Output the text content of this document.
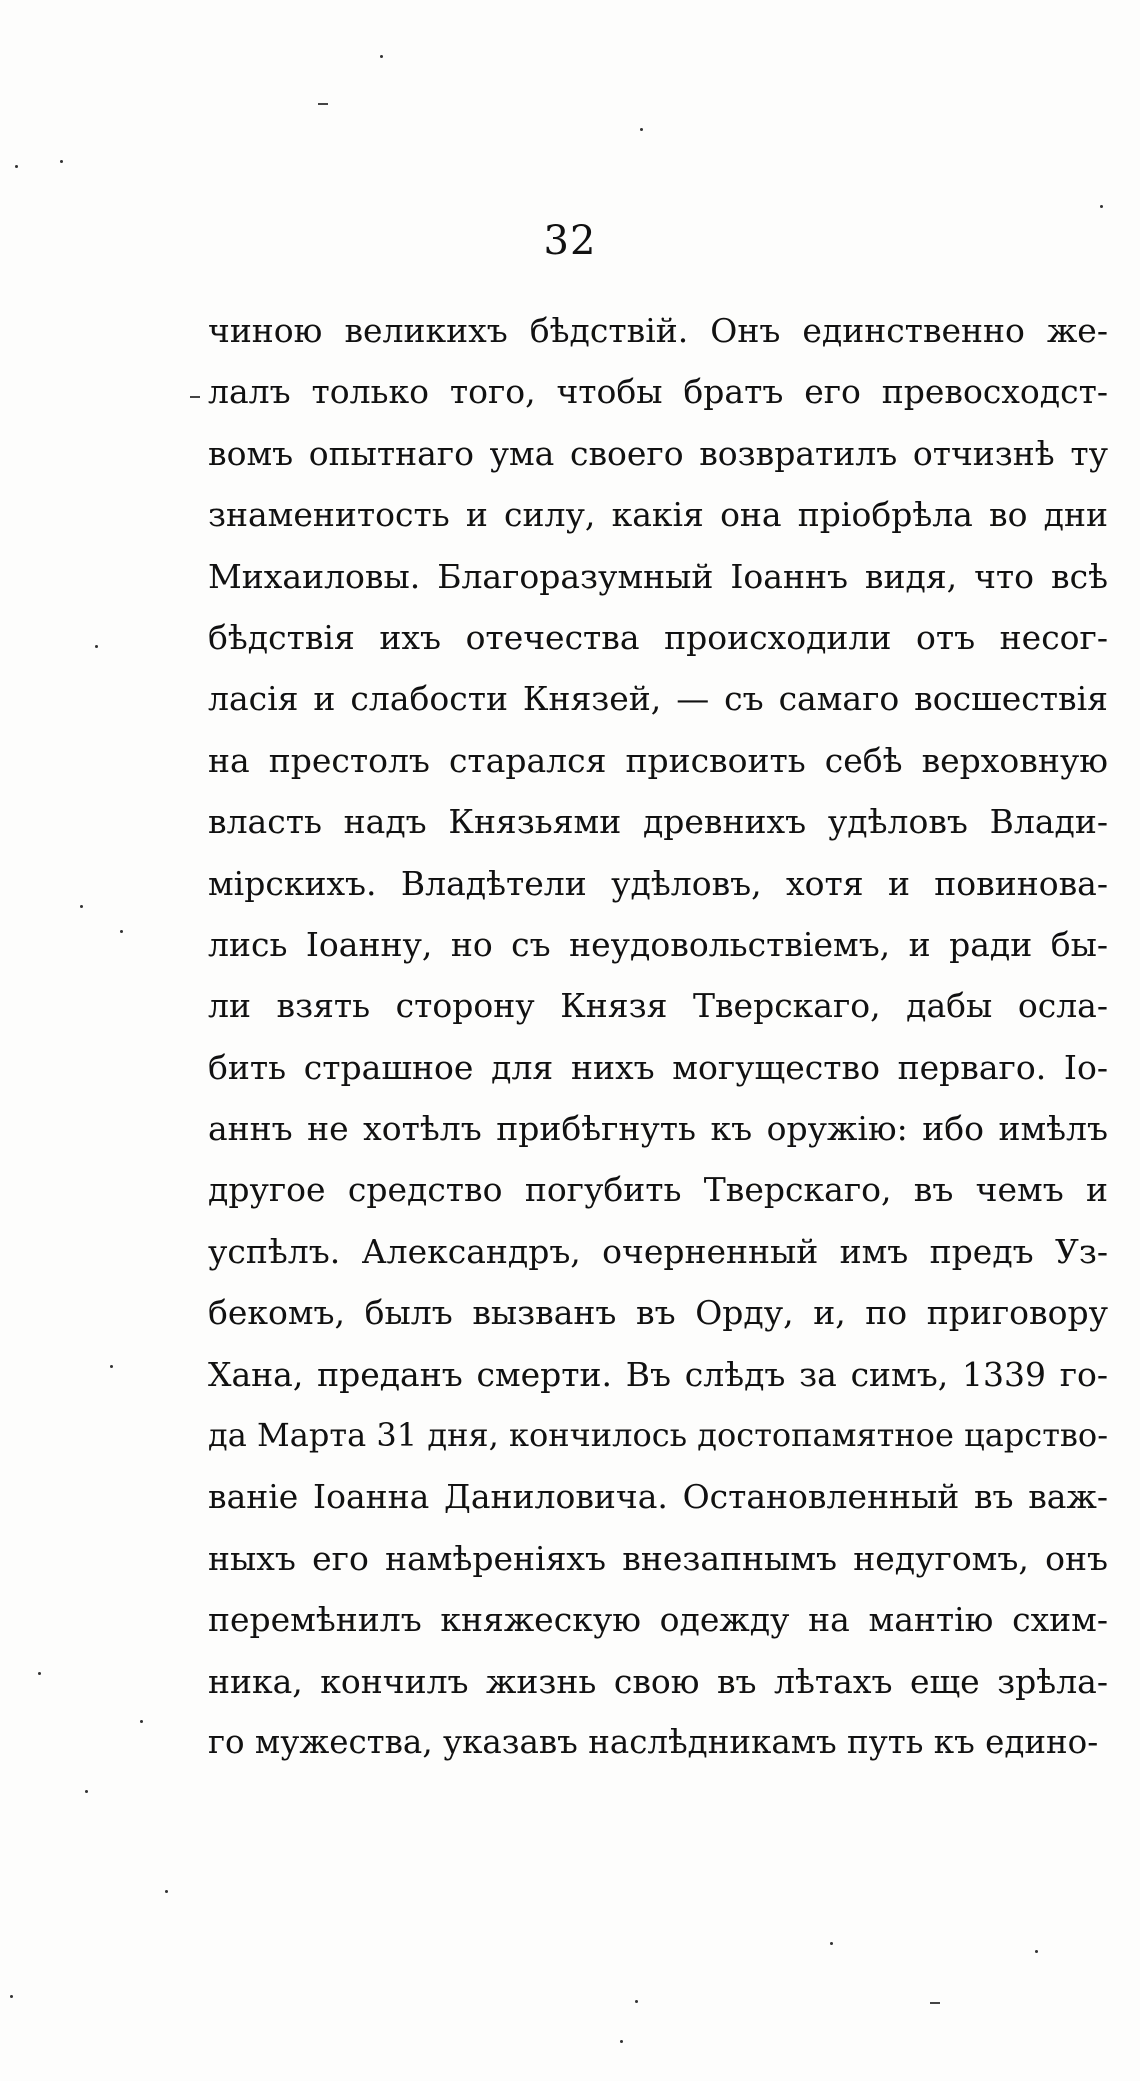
32
чиною великихъ бѣдствій. Онъ единственно же-
лалъ только того, чтобы братъ его превосходст-
вомъ опытнаго ума своего возвратилъ отчизнѣ ту
знаменитость и силу, какія она пріобрѣла во дни
Михаиловы. Благоразумный Іоаннъ видя, что всѣ
бѣдствія ихъ отечества происходили отъ несог-
ласія и слабости Князей, — съ самаго восшествія
на престолъ старался присвоить себѣ верховную
власть надъ Князьями древнихъ удѣловъ Влади-
мірскихъ. Владѣтели удѣловъ, хотя и повинова-
лись Іоанну, но съ неудовольствіемъ, и ради бы-
ли взять сторону Князя Тверскаго, дабы осла-
бить страшное для нихъ могущество перваго. Іо-
аннъ не хотѣлъ прибѣгнуть къ оружію: ибо имѣлъ
другое средство погубить Тверскаго, въ чемъ и
успѣлъ. Александръ, очерненный имъ предъ Уз-
бекомъ, былъ вызванъ въ Орду, и, по приговору
Хана, преданъ смерти. Въ слѣдъ за симъ, 1339 го-
да Марта 31 дня, кончилось достопамятное царство-
ваніе Іоанна Даниловича. Остановленный въ важ-
ныхъ его намѣреніяхъ внезапнымъ недугомъ, онъ
перемѣнилъ княжескую одежду на мантію схим-
ника, кончилъ жизнь свою въ лѣтахъ еще зрѣла-
го мужества, указавъ наслѣдникамъ путь къ едино-
